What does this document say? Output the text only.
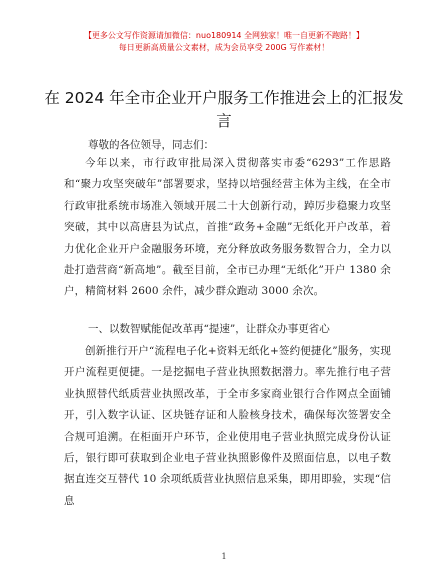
【更多公文写作资源请加微信：nuo180914 全网独家！唯一自更新不跑路！】
每日更新高质量公文素材，成为会员享受 200G 写作素材！
在 2024 年全市企业开户服务工作推进会上的汇报发言
尊敬的各位领导，同志们：
今年以来，市行政审批局深入贯彻落实市委“6293”工作思路和“聚力攻坚突破年”部署要求，坚持以培强经营主体为主线，在全市行政审批系统市场准入领域开展二十大创新行动，踔厉步稳聚力攻坚突破，其中以高唐县为试点，首推“政务+金融”无纸化开户改革，着力优化企业开户金融服务环境，充分释放政务服务数智合力，全力以赴打造营商“新高地”。截至目前，全市已办理“无纸化”开户 1380 余户，精简材料 2600 余件，减少群众跑动 3000 余次。
一、以数智赋能促改革再“提速”，让群众办事更省心
创新推行开户“流程电子化+资料无纸化+签约便捷化”服务，实现开户流程更便捷。一是挖掘电子营业执照数据潜力。率先推行电子营业执照替代纸质营业执照改革，于全市多家商业银行合作网点全面铺开，引入数字认证、区块链存证和人脸核身技术，确保每次签署安全合规可追溯。在柜面开户环节，企业使用电子营业执照完成身份认证后，银行即可获取到企业电子营业执照影像件及照面信息，以电子数据直连交互替代 10 余项纸质营业执照信息采集，即用即验，实现“信息
1
